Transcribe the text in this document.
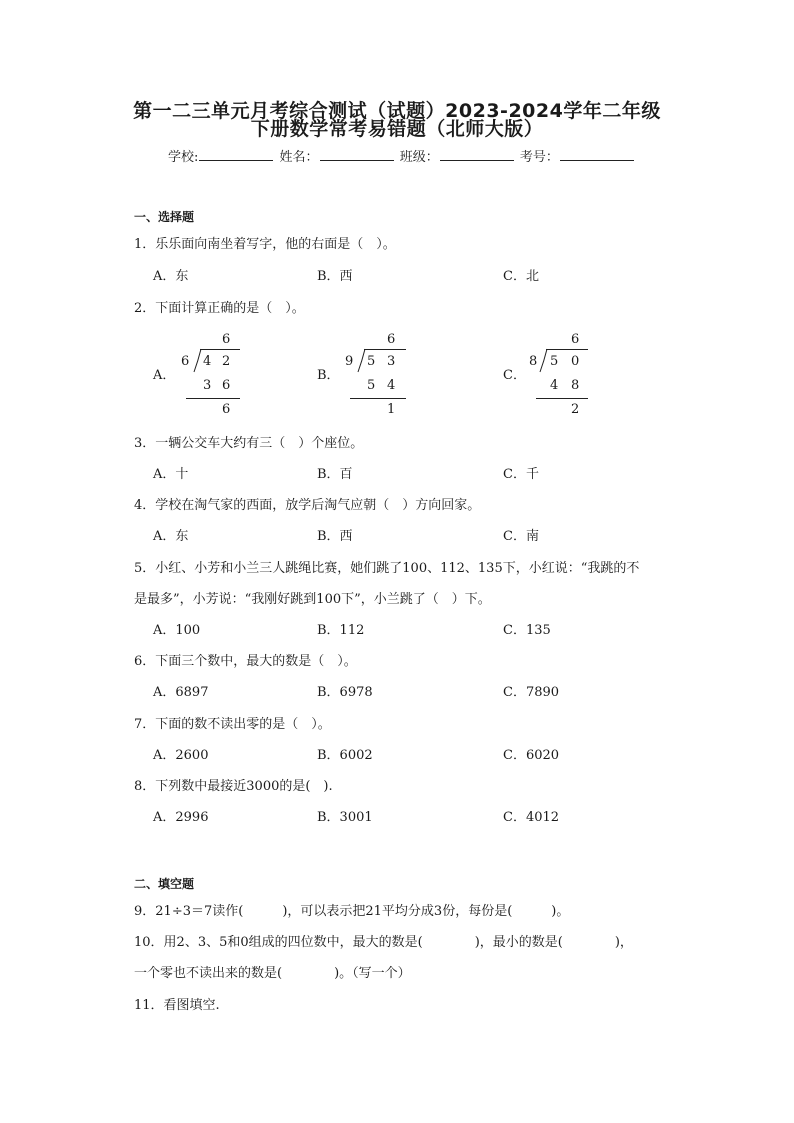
第一二三单元月考综合测试（试题）2023-2024学年二年级
下册数学常考易错题（北师大版）
学校:	姓名：	班级：	考号：
一、选择题
1．乐乐面向南坐着写字，他的右面是（　）。
A．东	B．西	C．北
2．下面计算正确的是（　）。
A．
6
6 4 2
3 6
6
B．
6
9 5 3
5 4
1
C．
6
8 5 0
4 8
2
3．一辆公交车大约有三（　）个座位。
A．十	B．百	C．千
4．学校在淘气家的西面，放学后淘气应朝（　）方向回家。
A．东	B．西	C．南
5．小红、小芳和小兰三人跳绳比赛，她们跳了100、112、135下，小红说：“我跳的不
是最多”，小芳说：“我刚好跳到100下”，小兰跳了（　）下。
A．100	B．112	C．135
6．下面三个数中，最大的数是（　）。
A．6897	B．6978	C．7890
7．下面的数不读出零的是（　）。
A．2600	B．6002	C．6020
8．下列数中最接近3000的是(　).
A．2996	B．3001	C．4012
二、填空题
9．21÷3＝7读作(　　　)，可以表示把21平均分成3份，每份是(　　　)。
10．用2、3、5和0组成的四位数中，最大的数是(　　　　)，最小的数是(　　　　)，
一个零也不读出来的数是(　　　　)。（写一个）
11．看图填空.
